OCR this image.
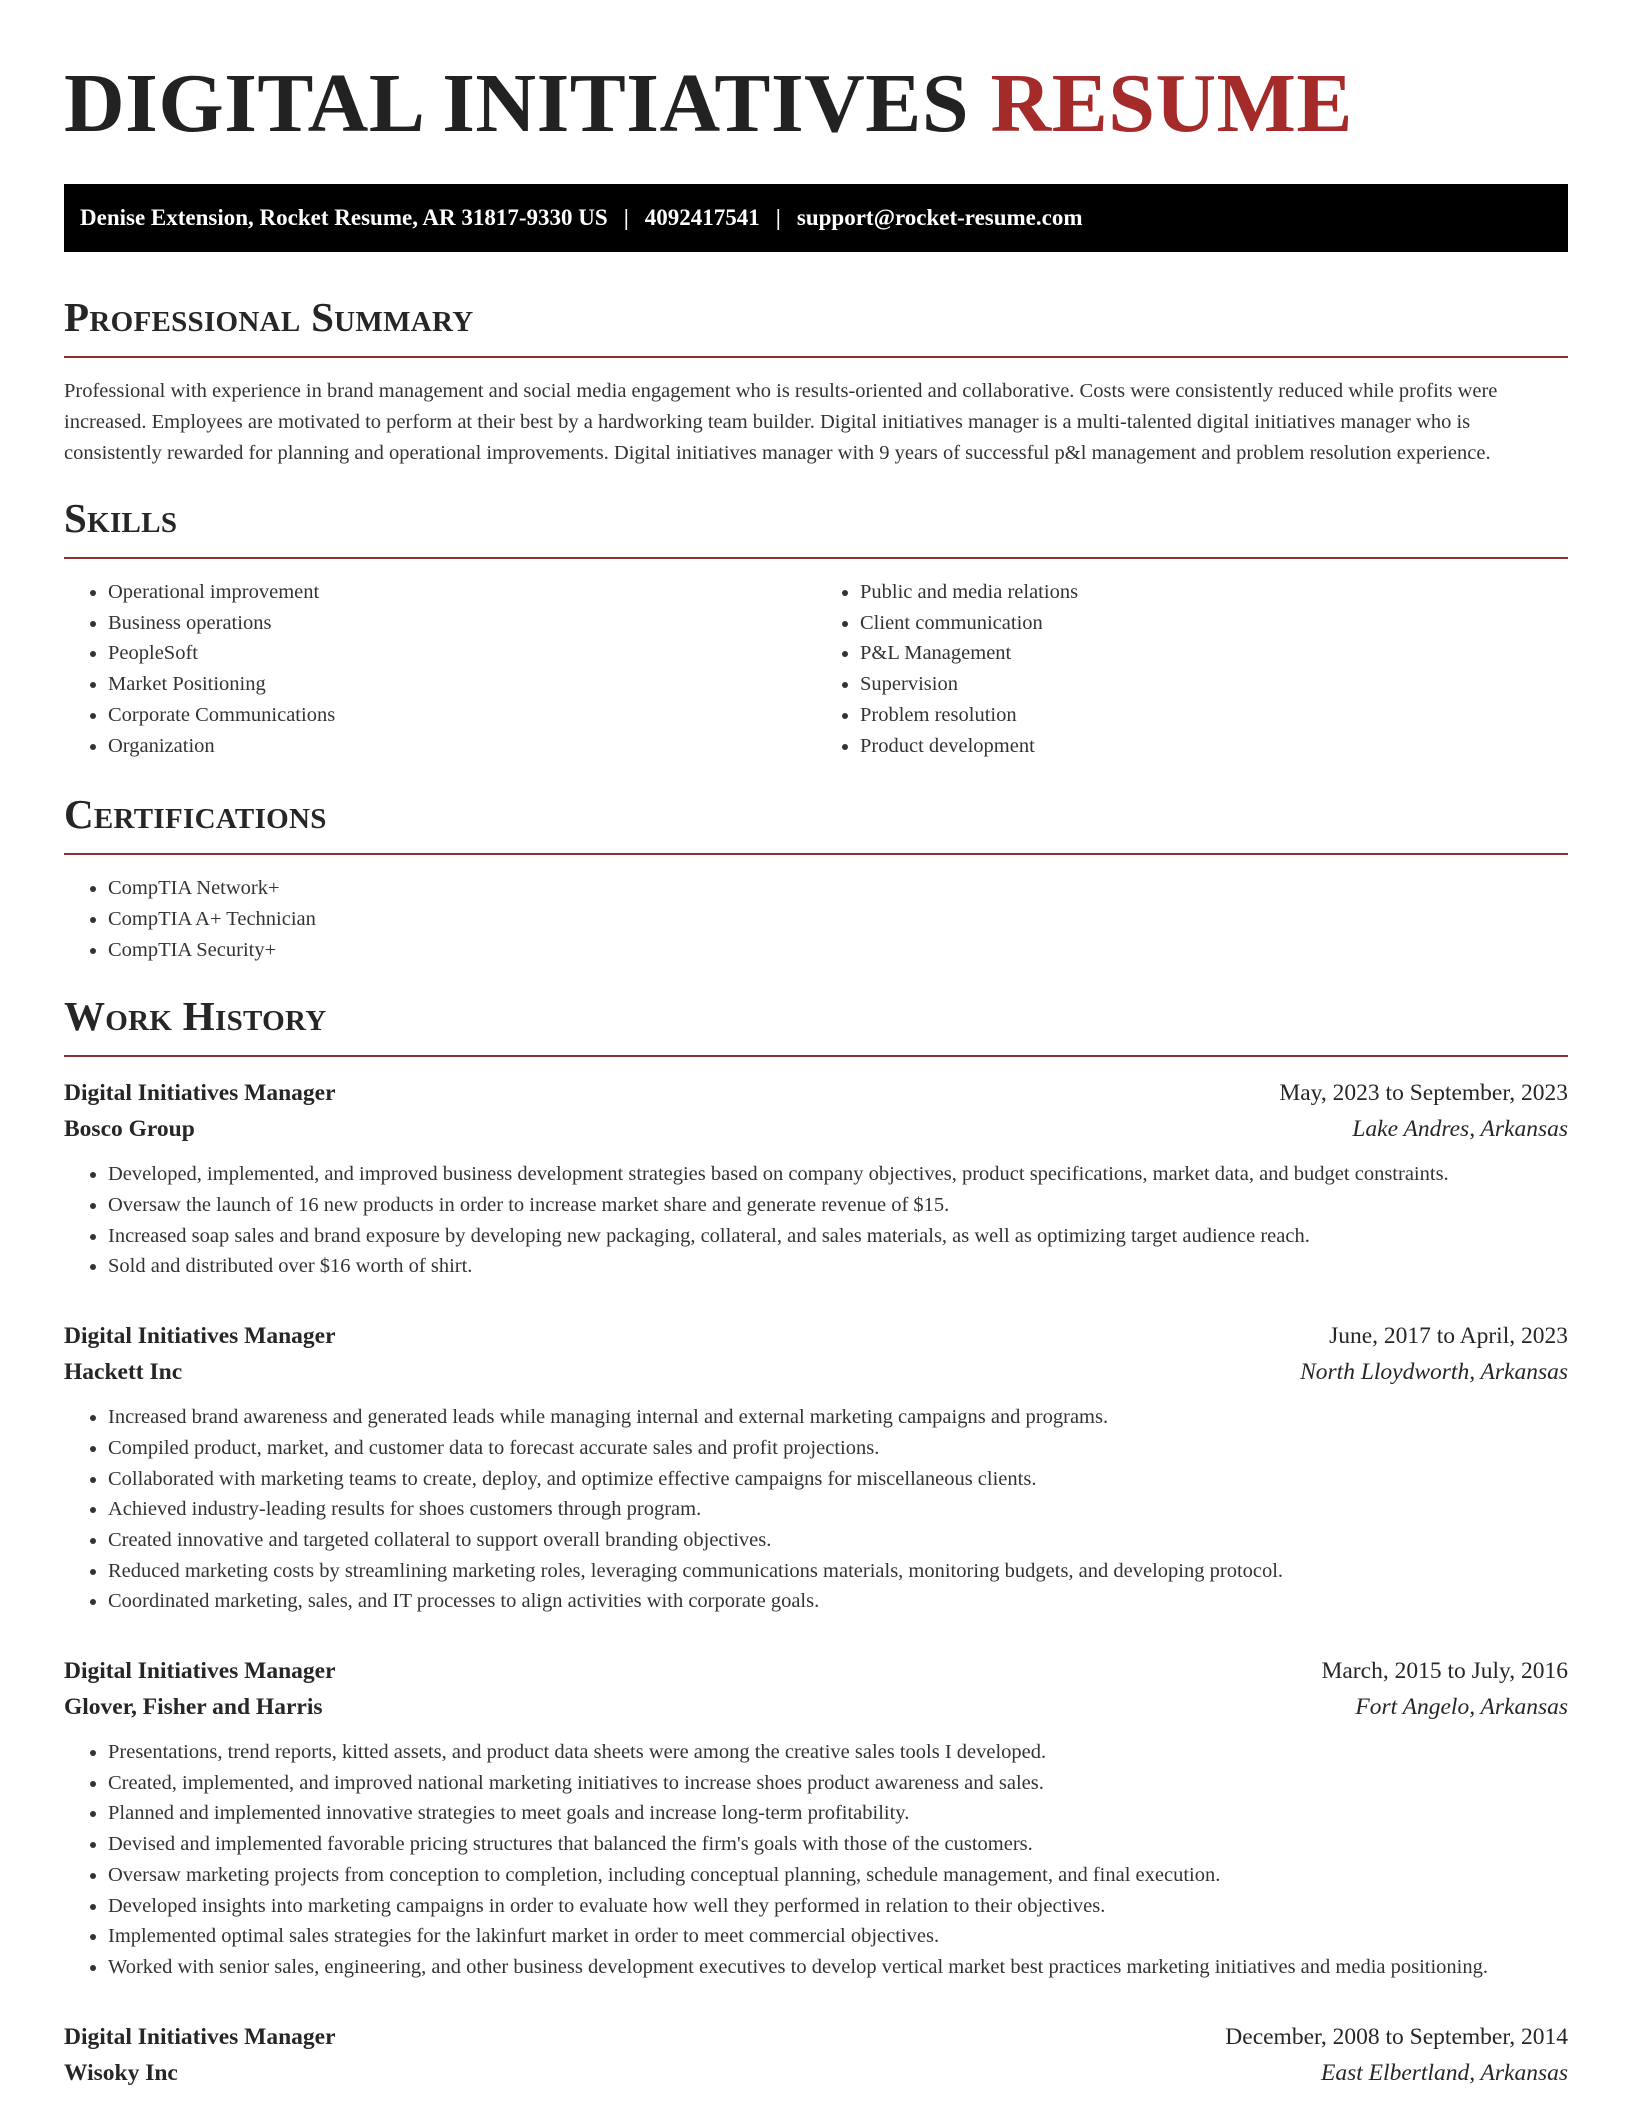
DIGITAL INITIATIVES RESUME
Denise Extension, Rocket Resume, AR 31817-9330 US | 4092417541 | support@rocket-resume.com
Professional Summary

Professional with experience in brand management and social media engagement who is results-oriented and collaborative. Costs were consistently reduced while profits were increased. Employees are motivated to perform at their best by a hardworking team builder. Digital initiatives manager is a multi-talented digital initiatives manager who is consistently rewarded for planning and operational improvements. Digital initiatives manager with 9 years of successful p&l management and problem resolution experience.

Skills
• Operational improvement
• Business operations
• PeopleSoft
• Market Positioning
• Corporate Communications
• Organization
• Public and media relations
• Client communication
• P&L Management
• Supervision
• Problem resolution
• Product development
Certifications
• CompTIA Network+
• CompTIA A+ Technician
• CompTIA Security+
Work History
Digital Initiatives Manager	May, 2023 to September, 2023
Bosco Group	Lake Andres, Arkansas
• Developed, implemented, and improved business development strategies based on company objectives, product specifications, market data, and budget constraints.
• Oversaw the launch of 16 new products in order to increase market share and generate revenue of $15.
• Increased soap sales and brand exposure by developing new packaging, collateral, and sales materials, as well as optimizing target audience reach.
• Sold and distributed over $16 worth of shirt.
Digital Initiatives Manager	June, 2017 to April, 2023
Hackett Inc	North Lloydworth, Arkansas
• Increased brand awareness and generated leads while managing internal and external marketing campaigns and programs.
• Compiled product, market, and customer data to forecast accurate sales and profit projections.
• Collaborated with marketing teams to create, deploy, and optimize effective campaigns for miscellaneous clients.
• Achieved industry-leading results for shoes customers through program.
• Created innovative and targeted collateral to support overall branding objectives.
• Reduced marketing costs by streamlining marketing roles, leveraging communications materials, monitoring budgets, and developing protocol.
• Coordinated marketing, sales, and IT processes to align activities with corporate goals.
Digital Initiatives Manager	March, 2015 to July, 2016
Glover, Fisher and Harris	Fort Angelo, Arkansas
• Presentations, trend reports, kitted assets, and product data sheets were among the creative sales tools I developed.
• Created, implemented, and improved national marketing initiatives to increase shoes product awareness and sales.
• Planned and implemented innovative strategies to meet goals and increase long-term profitability.
• Devised and implemented favorable pricing structures that balanced the firm's goals with those of the customers.
• Oversaw marketing projects from conception to completion, including conceptual planning, schedule management, and final execution.
• Developed insights into marketing campaigns in order to evaluate how well they performed in relation to their objectives.
• Implemented optimal sales strategies for the lakinfurt market in order to meet commercial objectives.
• Worked with senior sales, engineering, and other business development executives to develop vertical market best practices marketing initiatives and media positioning.
Digital Initiatives Manager	December, 2008 to September, 2014
Wisoky Inc	East Elbertland, Arkansas
